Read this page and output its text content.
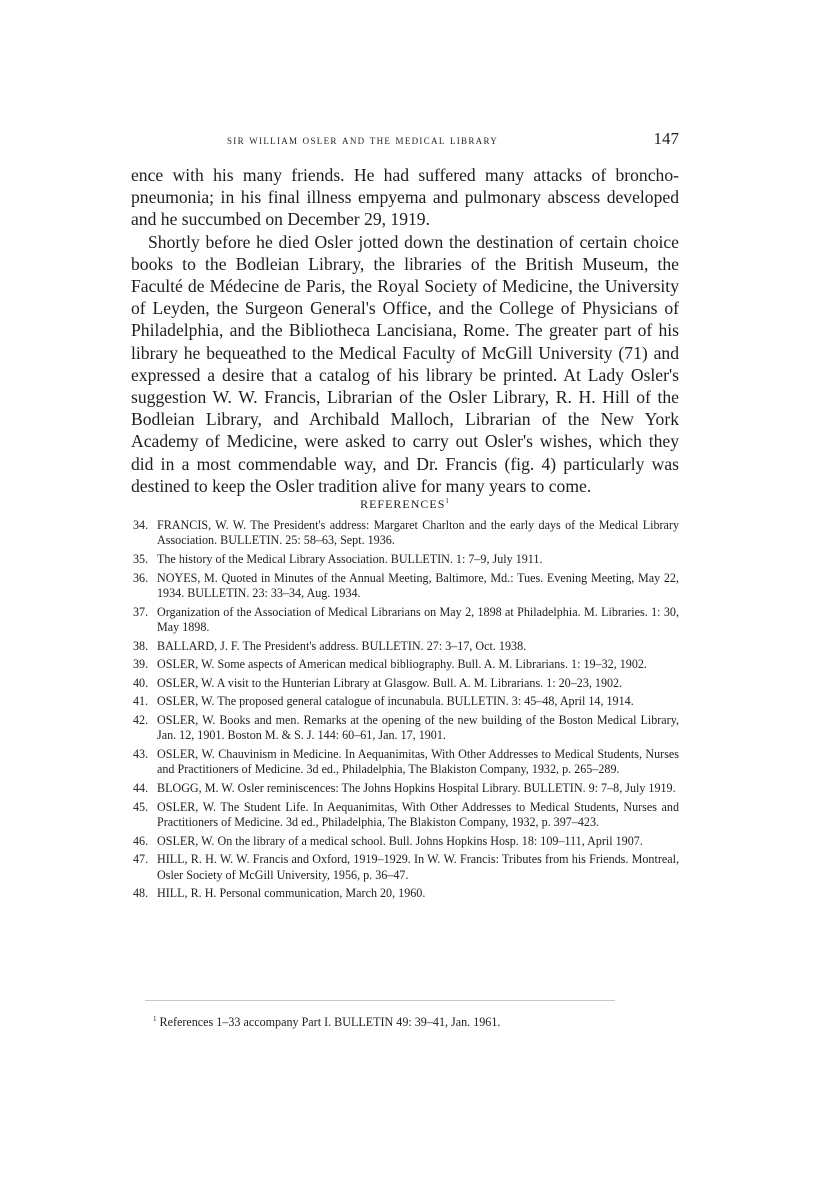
sir william osler and the medical library	147

ence with his many friends. He had suffered many attacks of broncho-pneumonia; in his final illness empyema and pulmonary abscess developed and he succumbed on December 29, 1919.

Shortly before he died Osler jotted down the destination of certain choice books to the Bodleian Library, the libraries of the British Museum, the Faculté de Médecine de Paris, the Royal Society of Medicine, the University of Leyden, the Surgeon General's Office, and the College of Physicians of Philadelphia, and the Bibliotheca Lancisiana, Rome. The greater part of his library he bequeathed to the Medical Faculty of McGill University (71) and expressed a desire that a catalog of his library be printed. At Lady Osler's suggestion W. W. Francis, Librarian of the Osler Library, R. H. Hill of the Bodleian Library, and Archibald Malloch, Librarian of the New York Academy of Medicine, were asked to carry out Osler's wishes, which they did in a most commendable way, and Dr. Francis (fig. 4) particularly was destined to keep the Osler tradition alive for many years to come.

REFERENCES$^1$
34. FRANCIS, W. W. The President's address: Margaret Charlton and the early days of the Medical Library Association. BULLETIN. 25: 58–63, Sept. 1936.
35. The history of the Medical Library Association. BULLETIN. 1: 7–9, July 1911.
36. NOYES, M. Quoted in Minutes of the Annual Meeting, Baltimore, Md.: Tues. Evening Meeting, May 22, 1934. BULLETIN. 23: 33–34, Aug. 1934.
37. Organization of the Association of Medical Librarians on May 2, 1898 at Philadelphia. M. Libraries. 1: 30, May 1898.
38. BALLARD, J. F. The President's address. BULLETIN. 27: 3–17, Oct. 1938.
39. OSLER, W. Some aspects of American medical bibliography. Bull. A. M. Librarians. 1: 19–32, 1902.
40. OSLER, W. A visit to the Hunterian Library at Glasgow. Bull. A. M. Librarians. 1: 20–23, 1902.
41. OSLER, W. The proposed general catalogue of incunabula. BULLETIN. 3: 45–48, April 14, 1914.
42. OSLER, W. Books and men. Remarks at the opening of the new building of the Boston Medical Library, Jan. 12, 1901. Boston M. & S. J. 144: 60–61, Jan. 17, 1901.
43. OSLER, W. Chauvinism in Medicine. In Aequanimitas, With Other Addresses to Medical Students, Nurses and Practitioners of Medicine. 3d ed., Philadelphia, The Blakiston Company, 1932, p. 265–289.
44. BLOGG, M. W. Osler reminiscences: The Johns Hopkins Hospital Library. BULLETIN. 9: 7–8, July 1919.
45. OSLER, W. The Student Life. In Aequanimitas, With Other Addresses to Medical Students, Nurses and Practitioners of Medicine. 3d ed., Philadelphia, The Blakiston Company, 1932, p. 397–423.
46. OSLER, W. On the library of a medical school. Bull. Johns Hopkins Hosp. 18: 109–111, April 1907.
47. HILL, R. H. W. W. Francis and Oxford, 1919–1929. In W. W. Francis: Tributes from his Friends. Montreal, Osler Society of McGill University, 1956, p. 36–47.
48. HILL, R. H. Personal communication, March 20, 1960.
$^1$ References 1–33 accompany Part I. BULLETIN 49: 39–41, Jan. 1961.
